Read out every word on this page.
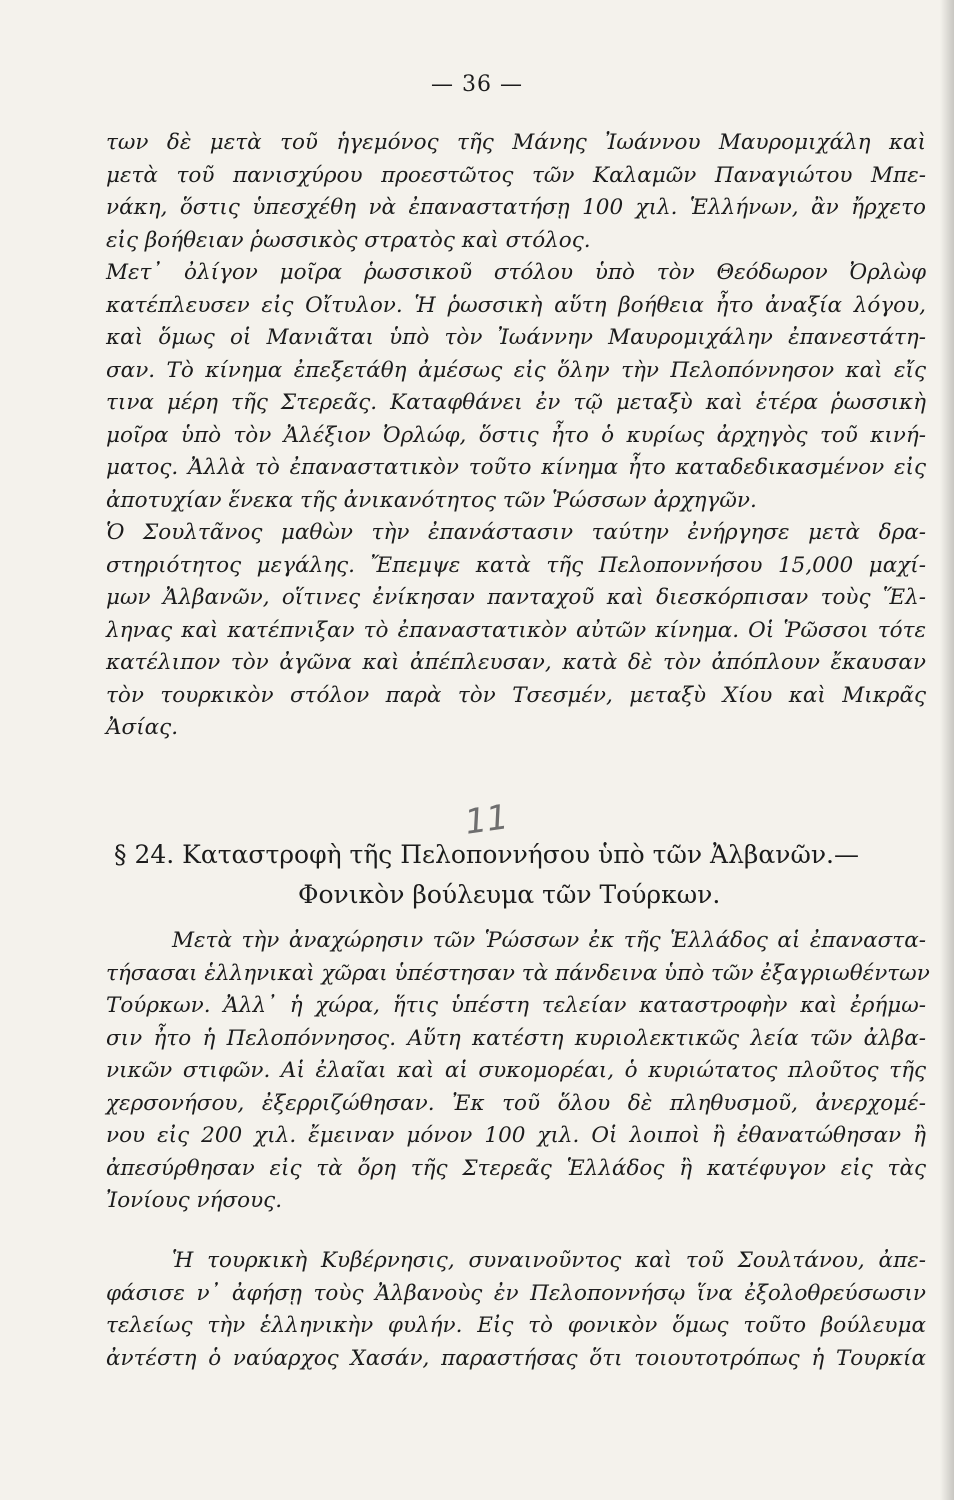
— 36 —
των δὲ μετὰ τοῦ ἡγεμόνος τῆς Μάνης Ἰωάννου Μαυρομιχάλη καὶ
μετὰ τοῦ πανισχύρου προεστῶτος τῶν Καλαμῶν Παναγιώτου Μπε-
νάκη, ὅστις ὑπεσχέθη νὰ ἐπαναστατήσῃ 100 χιλ. Ἑλλήνων, ἂν ἤρχετο
εἰς βοήθειαν ῥωσσικὸς στρατὸς καὶ στόλος.
Μετ᾽ ὀλίγον μοῖρα ῥωσσικοῦ στόλου ὑπὸ τὸν Θεόδωρον Ὀρλὼφ
κατέπλευσεν εἰς Οἴτυλον. Ἡ ῥωσσικὴ αὕτη βοήθεια ἦτο ἀναξία λόγου,
καὶ ὅμως οἱ Μανιᾶται ὑπὸ τὸν Ἰωάννην Μαυρομιχάλην ἐπανεστάτη-
σαν. Τὸ κίνημα ἐπεξετάθη ἀμέσως εἰς ὅλην τὴν Πελοπόννησον καὶ εἴς
τινα μέρη τῆς Στερεᾶς. Καταφθάνει ἐν τῷ μεταξὺ καὶ ἑτέρα ῥωσσικὴ
μοῖρα ὑπὸ τὸν Ἀλέξιον Ὀρλώφ, ὅστις ἦτο ὁ κυρίως ἀρχηγὸς τοῦ κινή-
ματος. Ἀλλὰ τὸ ἐπαναστατικὸν τοῦτο κίνημα ἦτο καταδεδικασμένον εἰς
ἀποτυχίαν ἕνεκα τῆς ἀνικανότητος τῶν Ῥώσσων ἀρχηγῶν.
Ὁ Σουλτᾶνος μαθὼν τὴν ἐπανάστασιν ταύτην ἐνήργησε μετὰ δρα-
στηριότητος μεγάλης. Ἔπεμψε κατὰ τῆς Πελοποννήσου 15,000 μαχί-
μων Ἀλβανῶν, οἵτινες ἐνίκησαν πανταχοῦ καὶ διεσκόρπισαν τοὺς Ἕλ-
ληνας καὶ κατέπνιξαν τὸ ἐπαναστατικὸν αὐτῶν κίνημα. Οἱ Ῥῶσσοι τότε
κατέλιπον τὸν ἀγῶνα καὶ ἀπέπλευσαν, κατὰ δὲ τὸν ἀπόπλουν ἔκαυσαν
τὸν τουρκικὸν στόλον παρὰ τὸν Τσεσμέν, μεταξὺ Χίου καὶ Μικρᾶς
Ἀσίας.
11
§ 24. Καταστροφὴ τῆς Πελοποννήσου ὑπὸ τῶν Ἀλβανῶν.—
Φονικὸν βούλευμα τῶν Τούρκων.
Μετὰ τὴν ἀναχώρησιν τῶν Ῥώσσων ἐκ τῆς Ἑλλάδος αἱ ἐπαναστα-
τήσασαι ἑλληνικαὶ χῶραι ὑπέστησαν τὰ πάνδεινα ὑπὸ τῶν ἐξαγριωθέντων
Τούρκων. Ἀλλ᾽ ἡ χώρα, ἥτις ὑπέστη τελείαν καταστροφὴν καὶ ἐρήμω-
σιν ἦτο ἡ Πελοπόννησος. Αὕτη κατέστη κυριολεκτικῶς λεία τῶν ἀλβα-
νικῶν στιφῶν. Αἱ ἐλαῖαι καὶ αἱ συκομορέαι, ὁ κυριώτατος πλοῦτος τῆς
χερσονήσου, ἐξερριζώθησαν. Ἐκ τοῦ ὅλου δὲ πληθυσμοῦ, ἀνερχομέ-
νου εἰς 200 χιλ. ἔμειναν μόνον 100 χιλ. Οἱ λοιποὶ ἢ ἐθανατώθησαν ἢ
ἀπεσύρθησαν εἰς τὰ ὄρη τῆς Στερεᾶς Ἑλλάδος ἢ κατέφυγον εἰς τὰς
Ἰονίους νήσους.
Ἡ τουρκικὴ Κυβέρνησις, συναινοῦντος καὶ τοῦ Σουλτάνου, ἀπε-
φάσισε ν᾽ ἀφήσῃ τοὺς Ἀλβανοὺς ἐν Πελοποννήσῳ ἵνα ἐξολοθρεύσωσιν
τελείως τὴν ἑλληνικὴν φυλήν. Εἰς τὸ φονικὸν ὅμως τοῦτο βούλευμα
ἀντέστη ὁ ναύαρχος Χασάν, παραστήσας ὅτι τοιουτοτρόπως ἡ Τουρκία
